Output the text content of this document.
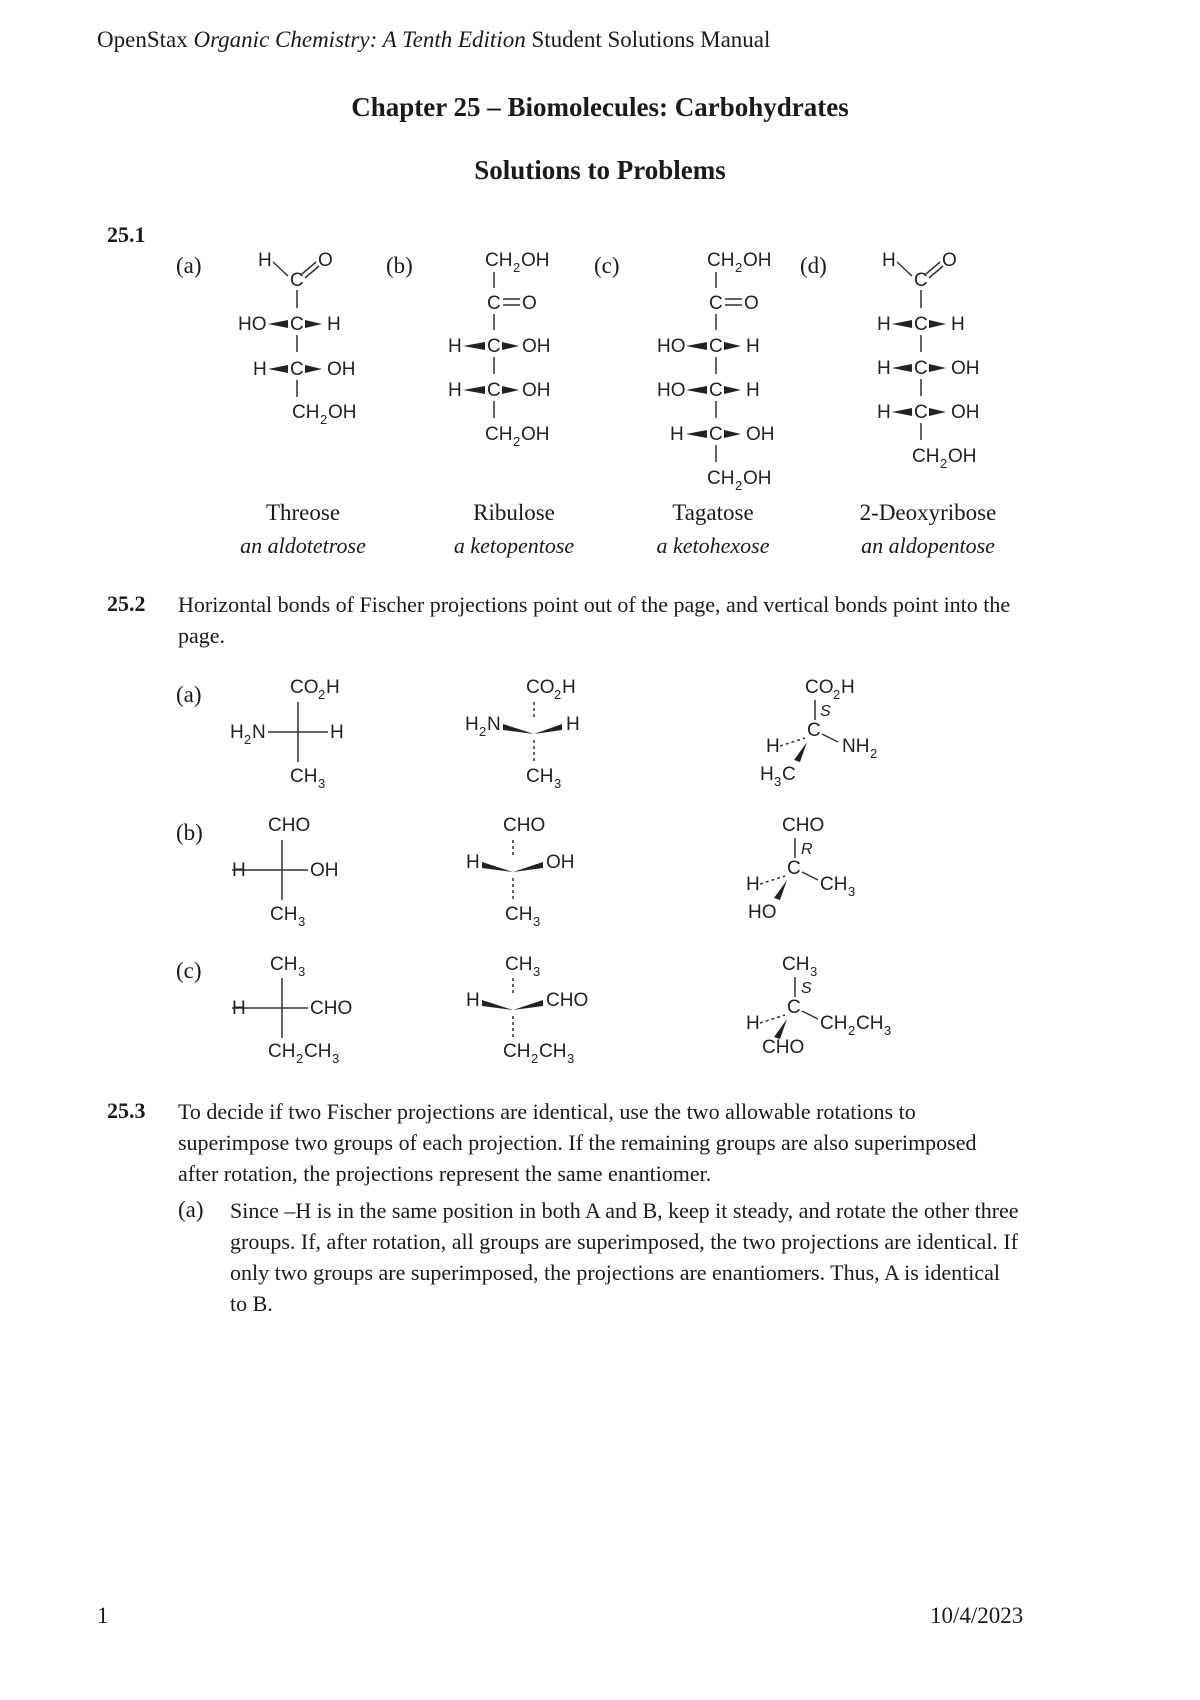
OpenStax Organic Chemistry: A Tenth Edition Student Solutions Manual
Chapter 25 – Biomolecules: Carbohydrates
Solutions to Problems
25.1
(a)	(b)	(c)	(d)
H
C
O
HO C H
H C OH
CH 2 OH
CH 2 OH
C O
H C OH
H C OH
CH 2 OH
CH 2 OH
C O
HO C H
HO C H
H C OH
CH 2 OH
H
C
O
H C H
H C OH
H C OH
CH 2 OH
Threose
an aldotetrose
Ribulose
a ketopentose
Tagatose
a ketohexose
2-Deoxyribose
an aldopentose
25.2 Horizontal bonds of Fischer projections point out of the page, and vertical bonds point into the page.
(a)
(b)
(c)
CO 2 H
H 2 N	H
CH 3
CO 2 H
H 2 N	H
CH 3
CO 2 H
S
C
H	NH 2
H 3 C
CHO
H	OH
CH 3
CHO
H	OH
CH 3
CHO
R
C
H	CH 3
HO
CH 3
H	CHO
CH 2 CH 3
CH 3
H	CHO
CH 2 CH 3
CH 3
S
C
H	CH 2 CH 3
CHO
25.3 To decide if two Fischer projections are identical, use the two allowable rotations to superimpose two groups of each projection. If the remaining groups are also superimposed after rotation, the projections represent the same enantiomer.
(a) Since –H is in the same position in both A and B, keep it steady, and rotate the other three groups. If, after rotation, all groups are superimposed, the two projections are identical. If only two groups are superimposed, the projections are enantiomers. Thus, A is identical to B.
1	10/4/2023
